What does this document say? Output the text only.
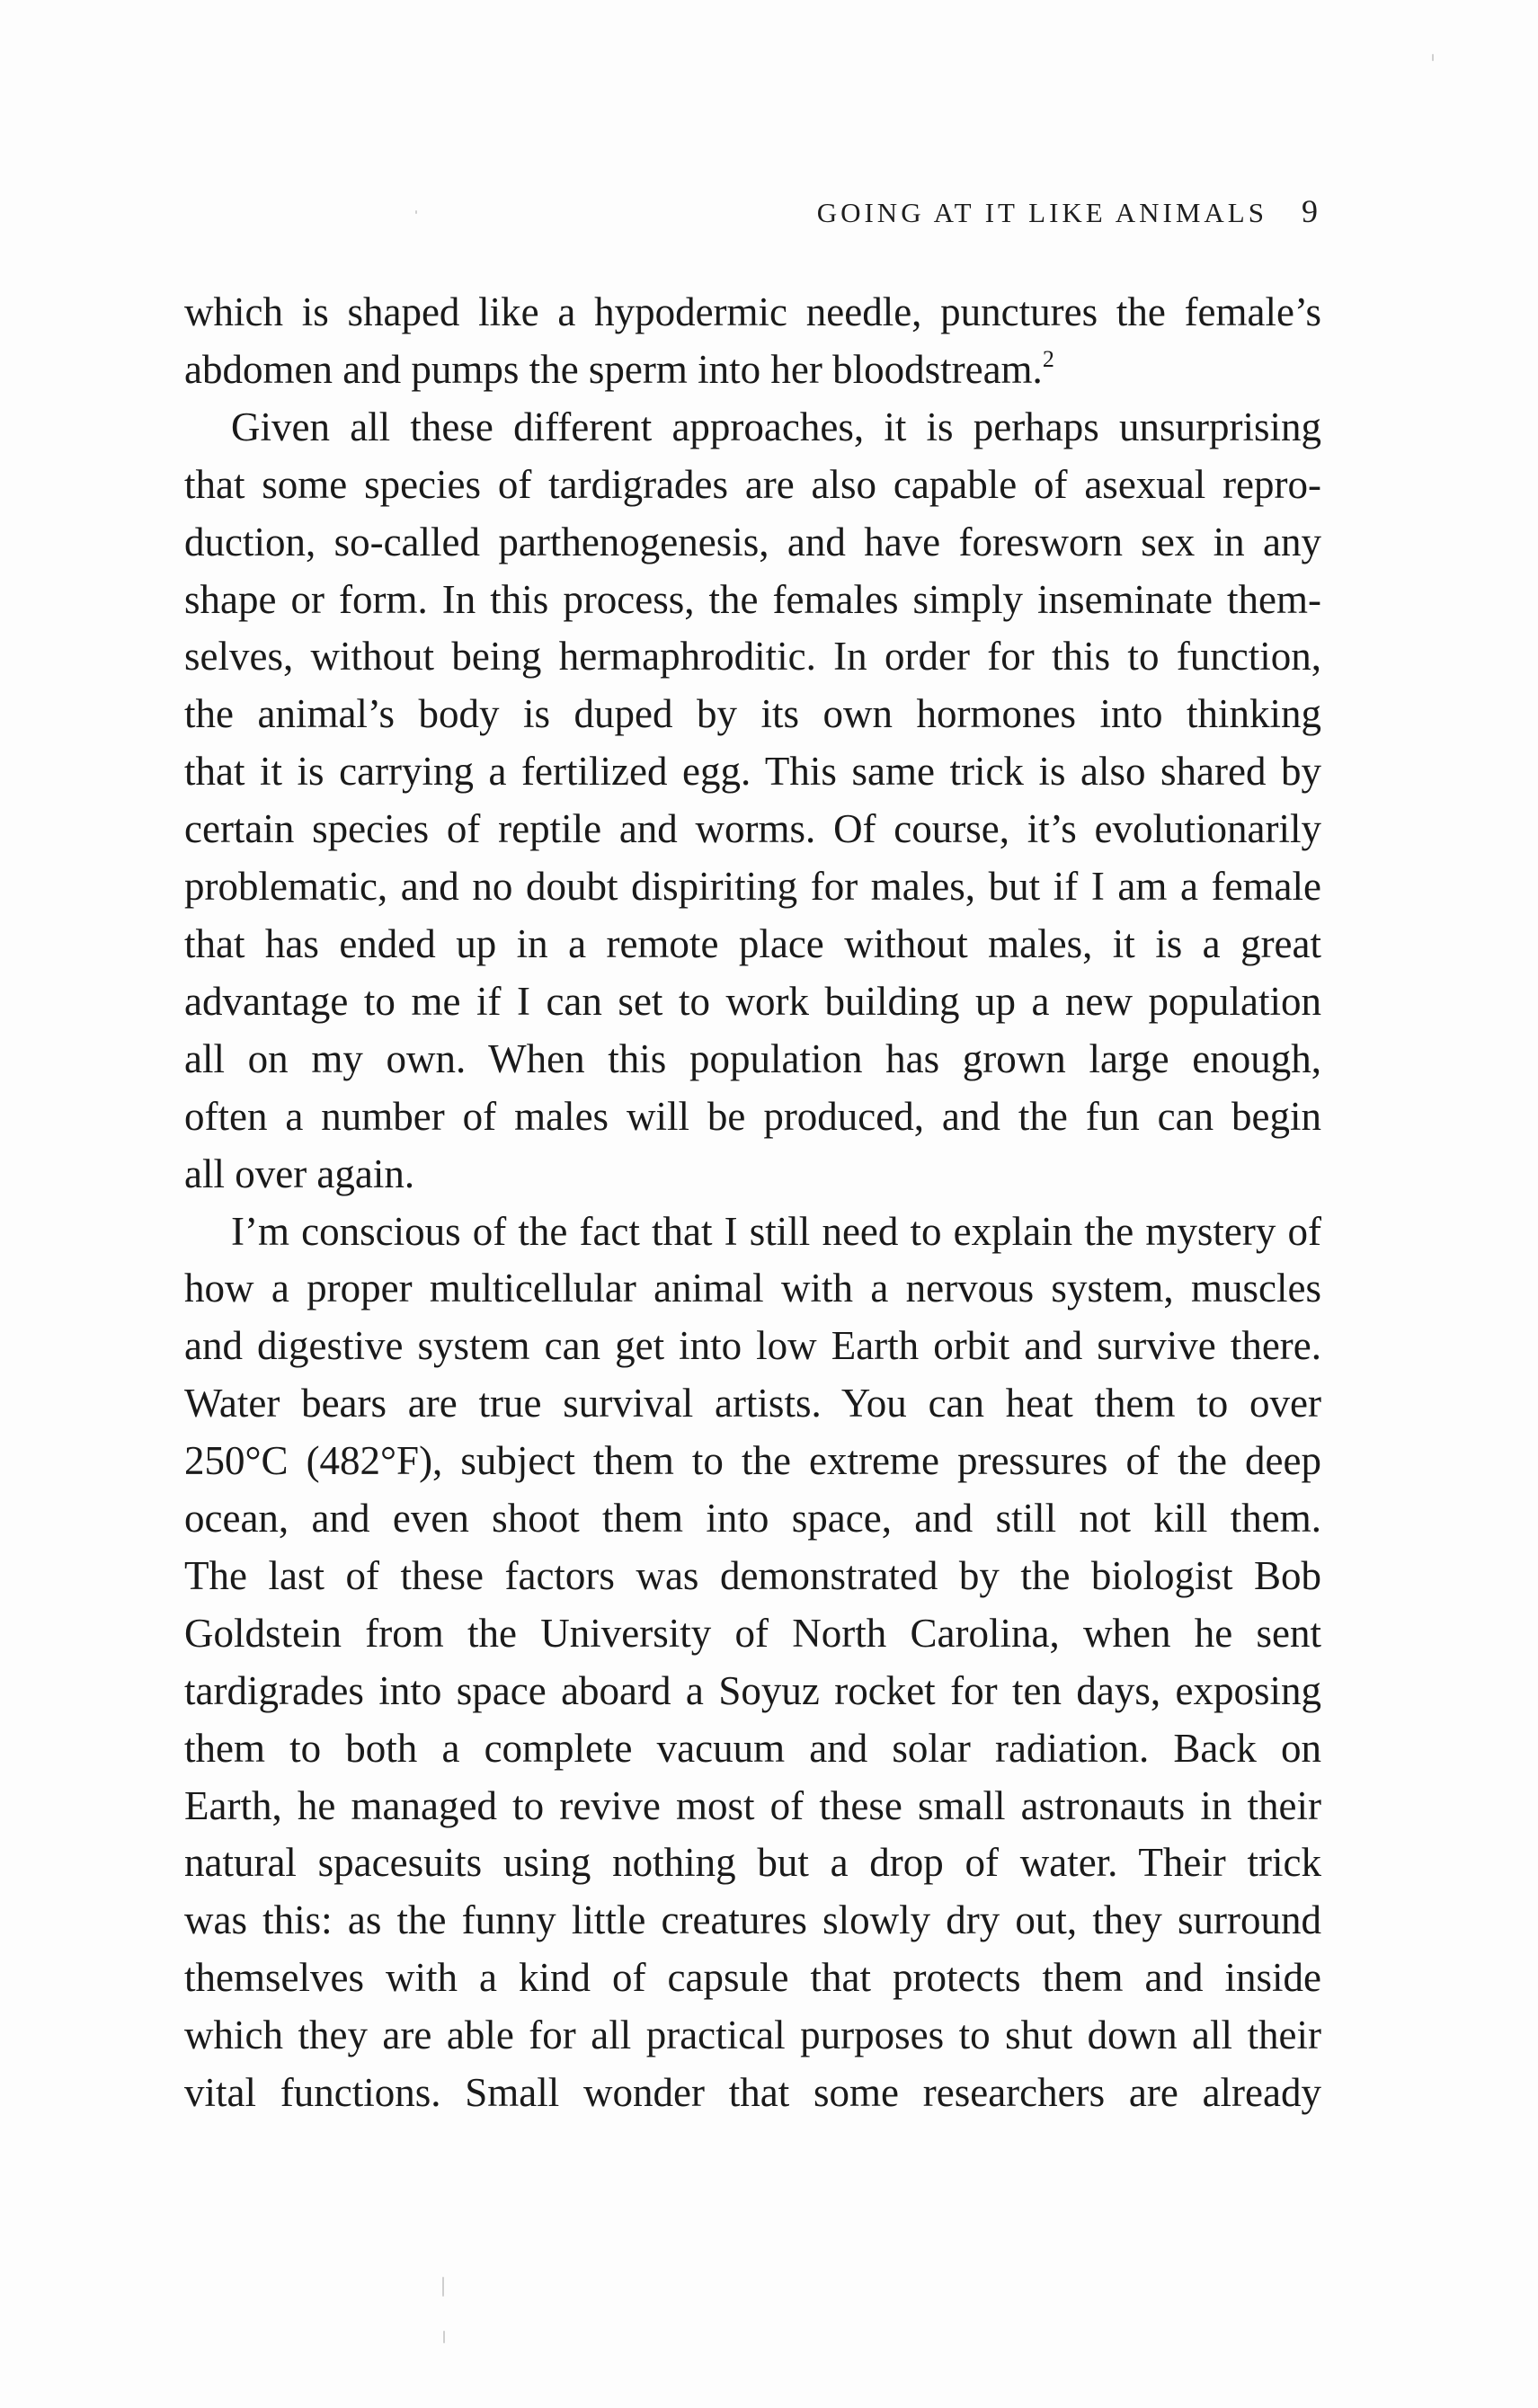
GOING AT IT LIKE ANIMALS 9
which is shaped like a hypodermic needle, punctures the female’s
abdomen and pumps the sperm into her bloodstream.$^2$
Given all these different approaches, it is perhaps unsurprising
that some species of tardigrades are also capable of asexual repro-
duction, so-called parthenogenesis, and have foresworn sex in any
shape or form. In this process, the females simply inseminate them-
selves, without being hermaphroditic. In order for this to function,
the animal’s body is duped by its own hormones into thinking
that it is carrying a fertilized egg. This same trick is also shared by
certain species of reptile and worms. Of course, it’s evolutionarily
problematic, and no doubt dispiriting for males, but if I am a female
that has ended up in a remote place without males, it is a great
advantage to me if I can set to work building up a new population
all on my own. When this population has grown large enough,
often a number of males will be produced, and the fun can begin
all over again.
I’m conscious of the fact that I still need to explain the mystery of
how a proper multicellular animal with a nervous system, muscles
and digestive system can get into low Earth orbit and survive there.
Water bears are true survival artists. You can heat them to over
250°C (482°F), subject them to the extreme pressures of the deep
ocean, and even shoot them into space, and still not kill them.
The last of these factors was demonstrated by the biologist Bob
Goldstein from the University of North Carolina, when he sent
tardigrades into space aboard a Soyuz rocket for ten days, exposing
them to both a complete vacuum and solar radiation. Back on
Earth, he managed to revive most of these small astronauts in their
natural spacesuits using nothing but a drop of water. Their trick
was this: as the funny little creatures slowly dry out, they surround
themselves with a kind of capsule that protects them and inside
which they are able for all practical purposes to shut down all their
vital functions. Small wonder that some researchers are already
